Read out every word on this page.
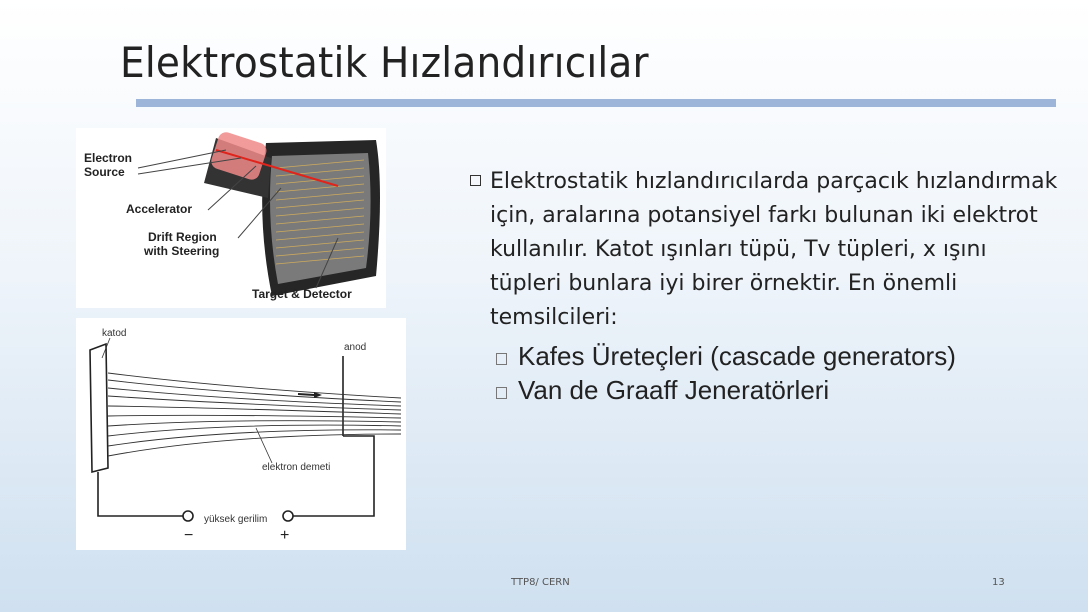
Elektrostatik Hızlandırıcılar
Electron Source
Accelerator
Drift Region with Steering
Target & Detector
katod
anod
elektron demeti
yüksek gerilim
−	+
Elektrostatik hızlandırıcılarda parçacık hızlandırmak için, aralarına potansiyel farkı bulunan iki elektrot kullanılır. Katot ışınları tüpü, Tv tüpleri, x ışını tüpleri bunlara iyi birer örnektir. En önemli temsilcileri:
Kafes Üreteçleri (cascade generators)
Van de Graaff Jeneratörleri
TTP8/ CERN	13
